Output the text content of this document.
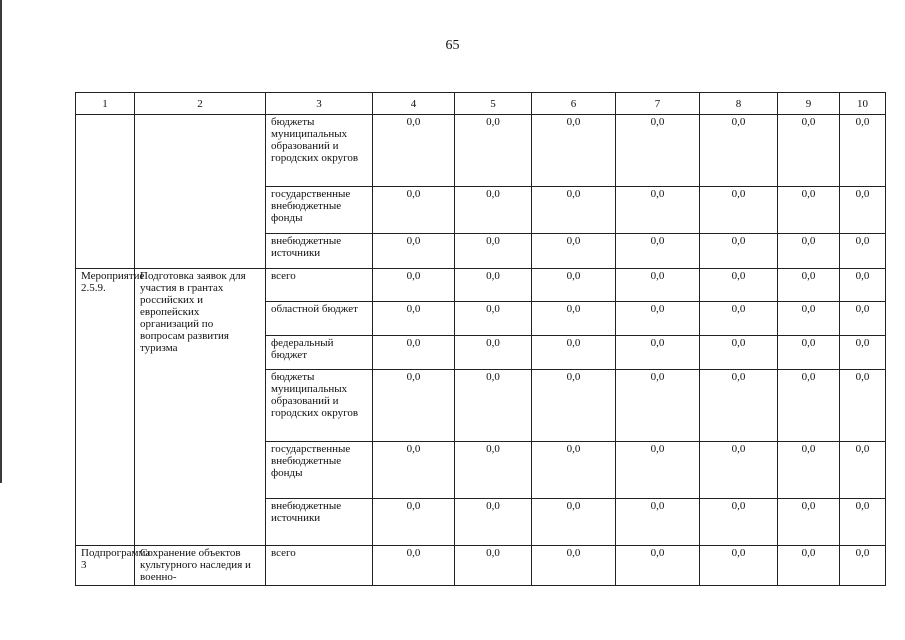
65
1	2	3	4	5	6	7	8	9	10
		бюджеты муниципальных образований и городских округов	0,0	0,0	0,0	0,0	0,0	0,0	0,0
		государственные внебюджетные фонды	0,0	0,0	0,0	0,0	0,0	0,0	0,0
		внебюджетные источники	0,0	0,0	0,0	0,0	0,0	0,0	0,0
Мероприятие 2.5.9.	Подготовка заявок для участия в грантах российских и европейских организаций по вопросам развития туризма	всего	0,0	0,0	0,0	0,0	0,0	0,0	0,0
		областной бюджет	0,0	0,0	0,0	0,0	0,0	0,0	0,0
		федеральный бюджет	0,0	0,0	0,0	0,0	0,0	0,0	0,0
		бюджеты муниципальных образований и городских округов	0,0	0,0	0,0	0,0	0,0	0,0	0,0
		государственные внебюджетные фонды	0,0	0,0	0,0	0,0	0,0	0,0	0,0
		внебюджетные источники	0,0	0,0	0,0	0,0	0,0	0,0	0,0
Подпрограмма 3	Сохранение объектов культурного наследия и военно-	всего	0,0	0,0	0,0	0,0	0,0	0,0	0,0
